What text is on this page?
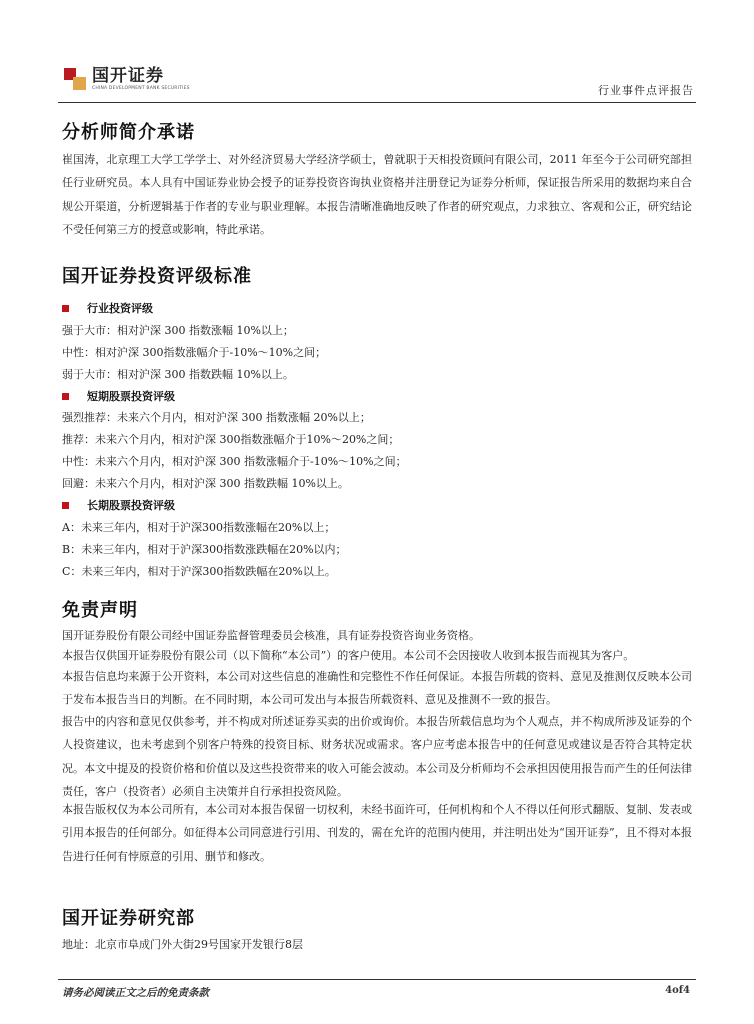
国开证券
CHINA DEVELOPMENT BANK SECURITIES	行业事件点评报告
分析师简介承诺
崔国涛，北京理工大学工学学士、对外经济贸易大学经济学硕士，曾就职于天相投资顾问有限公司，2011 年至今于公司研究部担任行业研究员。本人具有中国证券业协会授予的证券投资咨询执业资格并注册登记为证券分析师，保证报告所采用的数据均来自合规公开渠道，分析逻辑基于作者的专业与职业理解。本报告清晰准确地反映了作者的研究观点，力求独立、客观和公正，研究结论不受任何第三方的授意或影响，特此承诺。
国开证券投资评级标准
行业投资评级
强于大市：相对沪深 300 指数涨幅 10%以上；
中性：相对沪深 300指数涨幅介于-10%～10%之间；
弱于大市：相对沪深 300 指数跌幅 10%以上。
短期股票投资评级
强烈推荐：未来六个月内，相对沪深 300 指数涨幅 20%以上；
推荐：未来六个月内，相对沪深 300指数涨幅介于10%～20%之间；
中性：未来六个月内，相对沪深 300 指数涨幅介于-10%～10%之间；
回避：未来六个月内，相对沪深 300 指数跌幅 10%以上。
长期股票投资评级
A：未来三年内，相对于沪深300指数涨幅在20%以上；
B：未来三年内，相对于沪深300指数涨跌幅在20%以内；
C：未来三年内，相对于沪深300指数跌幅在20%以上。
免责声明
国开证券股份有限公司经中国证券监督管理委员会核准，具有证券投资咨询业务资格。
本报告仅供国开证券股份有限公司（以下简称“本公司”）的客户使用。本公司不会因接收人收到本报告而视其为客户。
本报告信息均来源于公开资料，本公司对这些信息的准确性和完整性不作任何保证。本报告所载的资料、意见及推测仅反映本公司于发布本报告当日的判断。在不同时期，本公司可发出与本报告所载资料、意见及推测不一致的报告。
报告中的内容和意见仅供参考，并不构成对所述证券买卖的出价或询价。本报告所载信息均为个人观点，并不构成所涉及证券的个人投资建议，也未考虑到个别客户特殊的投资目标、财务状况或需求。客户应考虑本报告中的任何意见或建议是否符合其特定状况。本文中提及的投资价格和价值以及这些投资带来的收入可能会波动。本公司及分析师均不会承担因使用报告而产生的任何法律责任，客户（投资者）必须自主决策并自行承担投资风险。
本报告版权仅为本公司所有，本公司对本报告保留一切权利，未经书面许可，任何机构和个人不得以任何形式翻版、复制、发表或引用本报告的任何部分。如征得本公司同意进行引用、刊发的，需在允许的范围内使用，并注明出处为“国开证券”，且不得对本报告进行任何有悖原意的引用、删节和修改。
国开证券研究部
地址：北京市阜成门外大街29号国家开发银行8层
请务必阅读正文之后的免责条款	4of4
